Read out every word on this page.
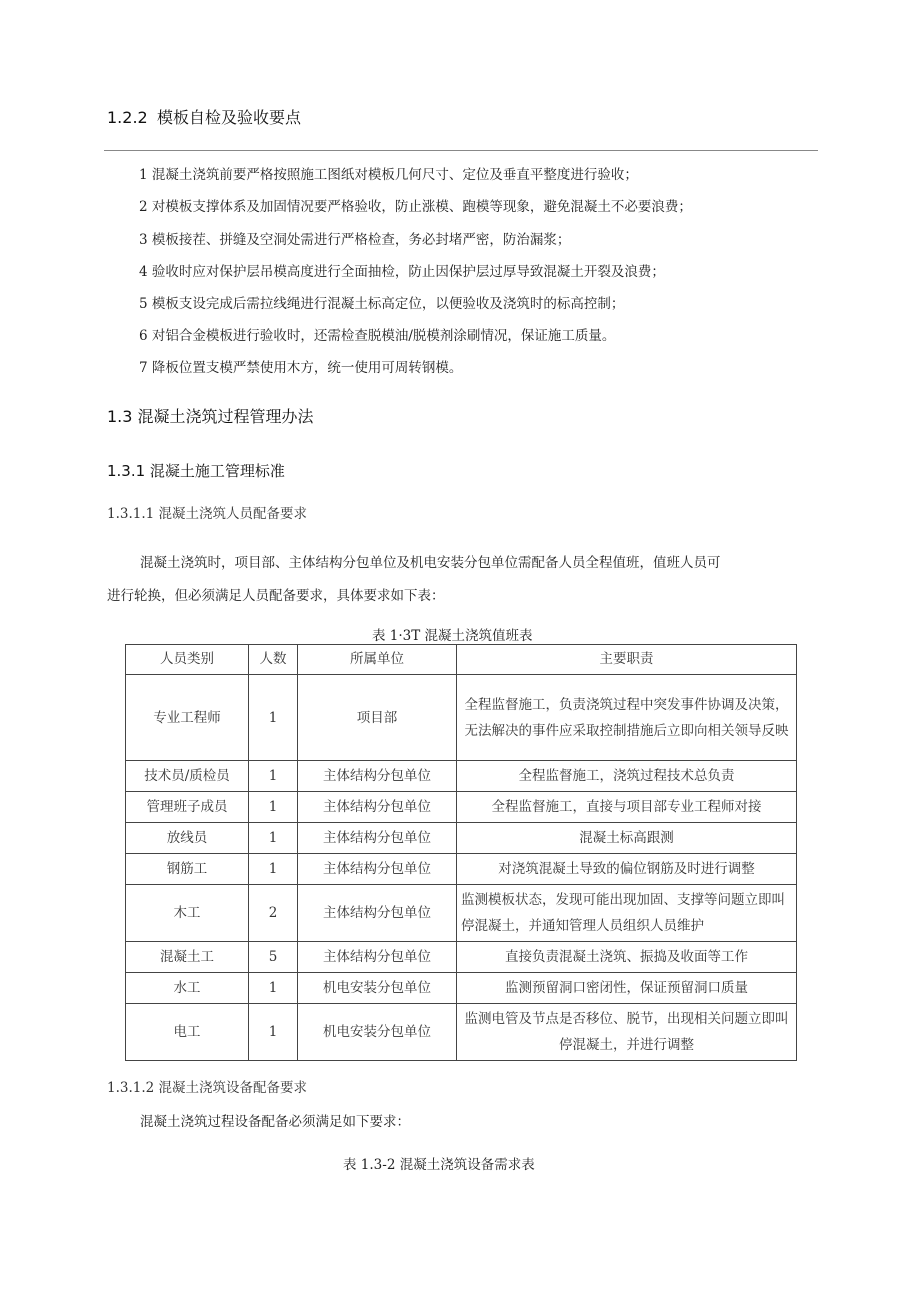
1.2.2 模板自检及验收要点
1 混凝土浇筑前要严格按照施工图纸对模板几何尺寸、定位及垂直平整度进行验收；
2 对模板支撑体系及加固情况要严格验收，防止涨模、跑模等现象，避免混凝土不必要浪费；
3 模板接茬、拼缝及空洞处需进行严格检查，务必封堵严密，防治漏浆；
4 验收时应对保护层吊模高度进行全面抽检，防止因保护层过厚导致混凝土开裂及浪费；
5 模板支设完成后需拉线绳进行混凝土标高定位，以便验收及浇筑时的标高控制；
6 对铝合金模板进行验收时，还需检查脱模油/脱模剂涂刷情况，保证施工质量。
7 降板位置支模严禁使用木方，统一使用可周转钢模。
1.3 混凝土浇筑过程管理办法
1.3.1 混凝土施工管理标准
1.3.1.1 混凝土浇筑人员配备要求
混凝土浇筑时，项目部、主体结构分包单位及机电安装分包单位需配备人员全程值班，值班人员可
进行轮换，但必须满足人员配备要求，具体要求如下表：
表 1·3T 混凝土浇筑值班表
人员类别	人数	所属单位	主要职责
专业工程师	1	项目部	全程监督施工，负责浇筑过程中突发事件协调及决策，无法解决的事件应采取控制措施后立即向相关领导反映
技术员/质检员	1	主体结构分包单位	全程监督施工，浇筑过程技术总负责
管理班子成员	1	主体结构分包单位	全程监督施工，直接与项目部专业工程师对接
放线员	1	主体结构分包单位	混凝土标高跟测
钢筋工	1	主体结构分包单位	对浇筑混凝土导致的偏位钢筋及时进行调整
木工	2	主体结构分包单位	监测模板状态，发现可能出现加固、支撑等问题立即叫停混凝土，并通知管理人员组织人员维护
混凝土工	5	主体结构分包单位	直接负责混凝土浇筑、振捣及收面等工作
水工	1	机电安装分包单位	监测预留洞口密闭性，保证预留洞口质量
电工	1	机电安装分包单位	监测电管及节点是否移位、脱节，出现相关问题立即叫停混凝土，并进行调整
1.3.1.2 混凝土浇筑设备配备要求
混凝土浇筑过程设备配备必须满足如下要求：
表 1.3-2 混凝土浇筑设备需求表
